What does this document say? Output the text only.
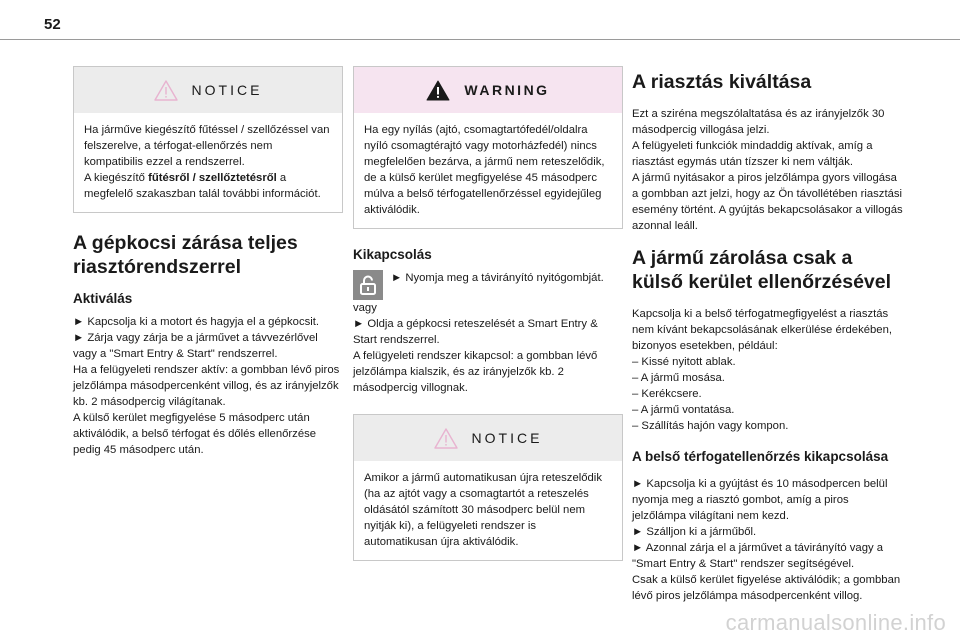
52
NOTICE
Ha járműve kiegészítő fűtéssel / szellőzéssel van felszerelve, a térfogat-ellenőrzés nem kompatibilis ezzel a rendszerrel.
A kiegészítő fűtésről / szellőztetésről a megfelelő szakaszban talál további információt.
A gépkocsi zárása teljes riasztórendszerrel
Aktiválás

► Kapcsolja ki a motort és hagyja el a gépkocsit.

► Zárja vagy zárja be a járművet a távvezérlővel vagy a "Smart Entry & Start" rendszerrel.

Ha a felügyeleti rendszer aktív: a gombban lévő piros jelzőlámpa másodpercenként villog, és az irányjelzők kb. 2 másodpercig világítanak.

A külső kerület megfigyelése 5 másodperc után aktiválódik, a belső térfogat és dőlés ellenőrzése pedig 45 másodperc után.

WARNING
Ha egy nyílás (ajtó, csomagtartófedél/oldalra nyíló csomagtérajtó vagy motorházfedél) nincs megfelelően bezárva, a jármű nem reteszelődik, de a külső kerület megfigyelése 45 másodperc múlva a belső térfogatellenőrzéssel egyidejűleg aktiválódik.
Kikapcsolás
► Nyomja meg a távirányító nyitógombját.

vagy

► Oldja a gépkocsi reteszelését a Smart Entry & Start rendszerrel.

A felügyeleti rendszer kikapcsol: a gombban lévő jelzőlámpa kialszik, és az irányjelzők kb. 2 másodpercig villognak.

NOTICE
Amikor a jármű automatikusan újra reteszelődik (ha az ajtót vagy a csomagtartót a reteszelés oldásától számított 30 másodperc belül nem nyitják ki), a felügyeleti rendszer is automatikusan újra aktiválódik.
A riasztás kiváltása

Ezt a sziréna megszólaltatása és az irányjelzők 30 másodpercig villogása jelzi.

A felügyeleti funkciók mindaddig aktívak, amíg a riasztást egymás után tízszer ki nem váltják.

A jármű nyitásakor a piros jelzőlámpa gyors villogása a gombban azt jelzi, hogy az Ön távollétében riasztási esemény történt. A gyújtás bekapcsolásakor a villogás azonnal leáll.

A jármű zárolása csak a külső kerület ellenőrzésével

Kapcsolja ki a belső térfogatmegfigyelést a riasztás nem kívánt bekapcsolásának elkerülése érdekében, bizonyos esetekben, például:

– Kissé nyitott ablak.

– A jármű mosása.

– Kerékcsere.

– A jármű vontatása.

– Szállítás hajón vagy kompon.

A belső térfogatellenőrzés kikapcsolása

► Kapcsolja ki a gyújtást és 10 másodpercen belül nyomja meg a riasztó gombot, amíg a piros jelzőlámpa világítani nem kezd.

► Szálljon ki a járműből.

► Azonnal zárja el a járművet a távirányító vagy a "Smart Entry & Start" rendszer segítségével.

Csak a külső kerület figyelése aktiválódik; a gombban lévő piros jelzőlámpa másodpercenként villog.

carmanualsonline.info
